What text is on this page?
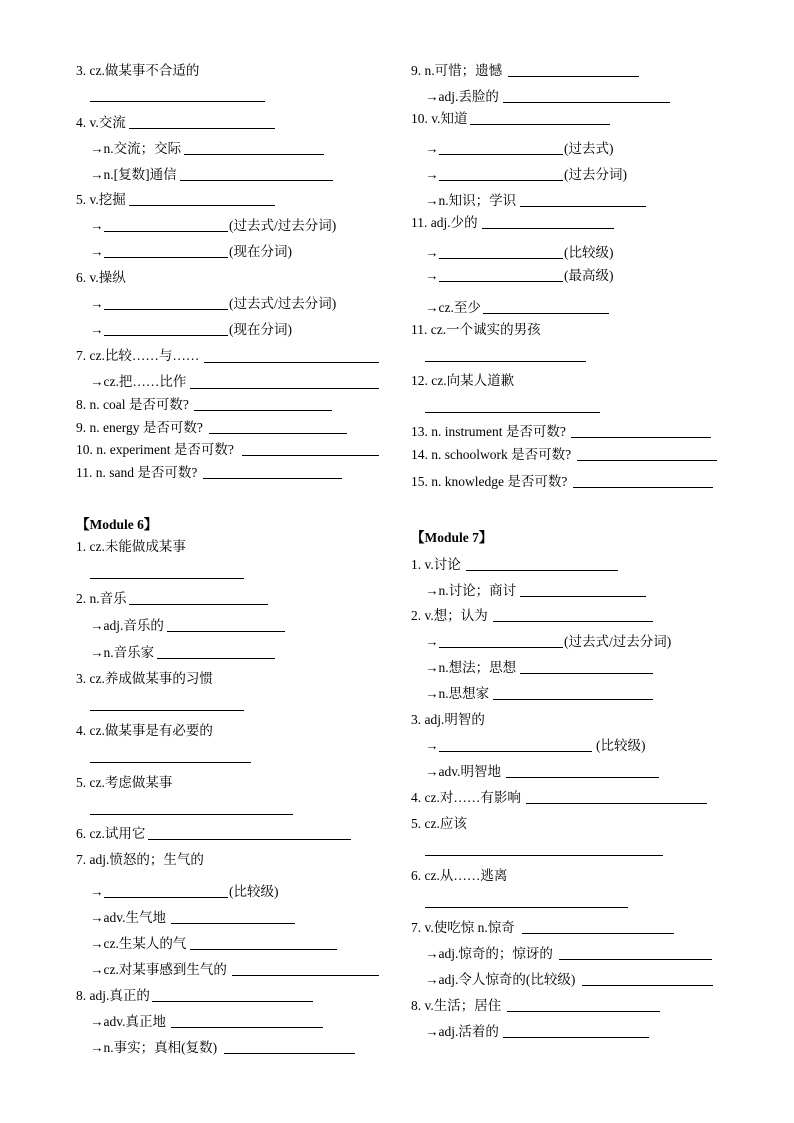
3. cz.做某事不合适的
4. v.交流
→n.交流；交际
→n.[复数]通信
5. v.挖掘
→	(过去式/过去分词)
→	(现在分词)
6. v.操纵
→	(过去式/过去分词)
→	(现在分词)
7. cz.比较……与……
→cz.把……比作
8. n. coal 是否可数?
9. n. energy 是否可数?
10. n. experiment 是否可数?
11. n. sand 是否可数?
9. n.可惜；遗憾
→adj.丢脸的
10. v.知道
→	(过去式)
→	(过去分词)
→n.知识；学识
11. adj.少的
→	(比较级)
→	(最高级)
→cz.至少
11. cz.一个诚实的男孩
12. cz.向某人道歉
13. n. instrument 是否可数?
14. n. schoolwork 是否可数?
15. n. knowledge 是否可数?
【Module 6】
1. cz.未能做成某事
2. n.音乐
→adj.音乐的
→n.音乐家
3. cz.养成做某事的习惯
4. cz.做某事是有必要的
5. cz.考虑做某事
6. cz.试用它
7. adj.愤怒的；生气的
→	(比较级)
→adv.生气地
→cz.生某人的气
→cz.对某事感到生气的
8. adj.真正的
→adv.真正地
→n.事实；真相(复数)
【Module 7】
1. v.讨论
→n.讨论；商讨
2. v.想；认为
→	(过去式/过去分词)
→n.想法；思想
→n.思想家
3. adj.明智的
→	(比较级)
→adv.明智地
4. cz.对……有影响
5. cz.应该
6. cz.从……逃离
7. v.使吃惊 n.惊奇
→adj.惊奇的；惊讶的
→adj.令人惊奇的(比较级)
8. v.生活；居住
→adj.活着的
